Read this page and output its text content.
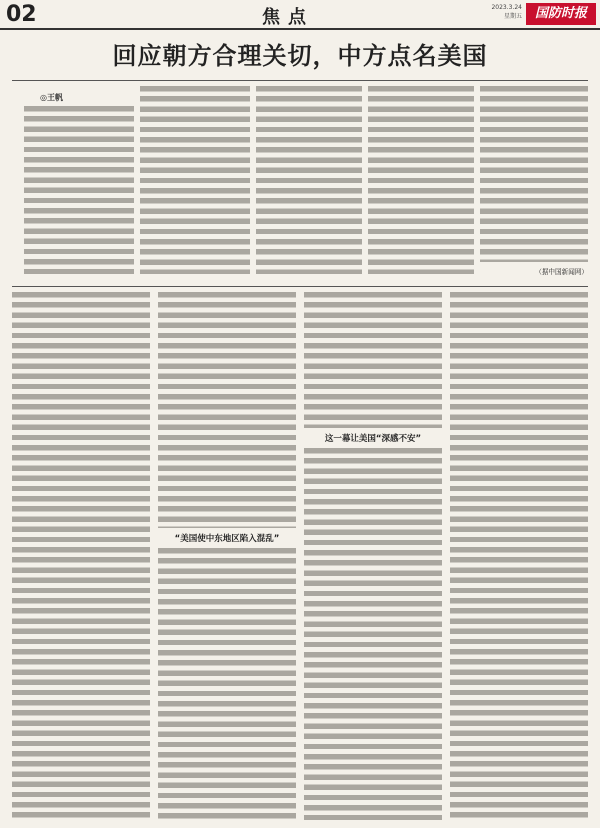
02	焦点	2023.3.24
星期五 国防时报
回应朝方合理关切，中方点名美国
◎王帆
（据中国新闻网）
“美国使中东地区陷入混乱”
这一幕让美国“深感不安”
